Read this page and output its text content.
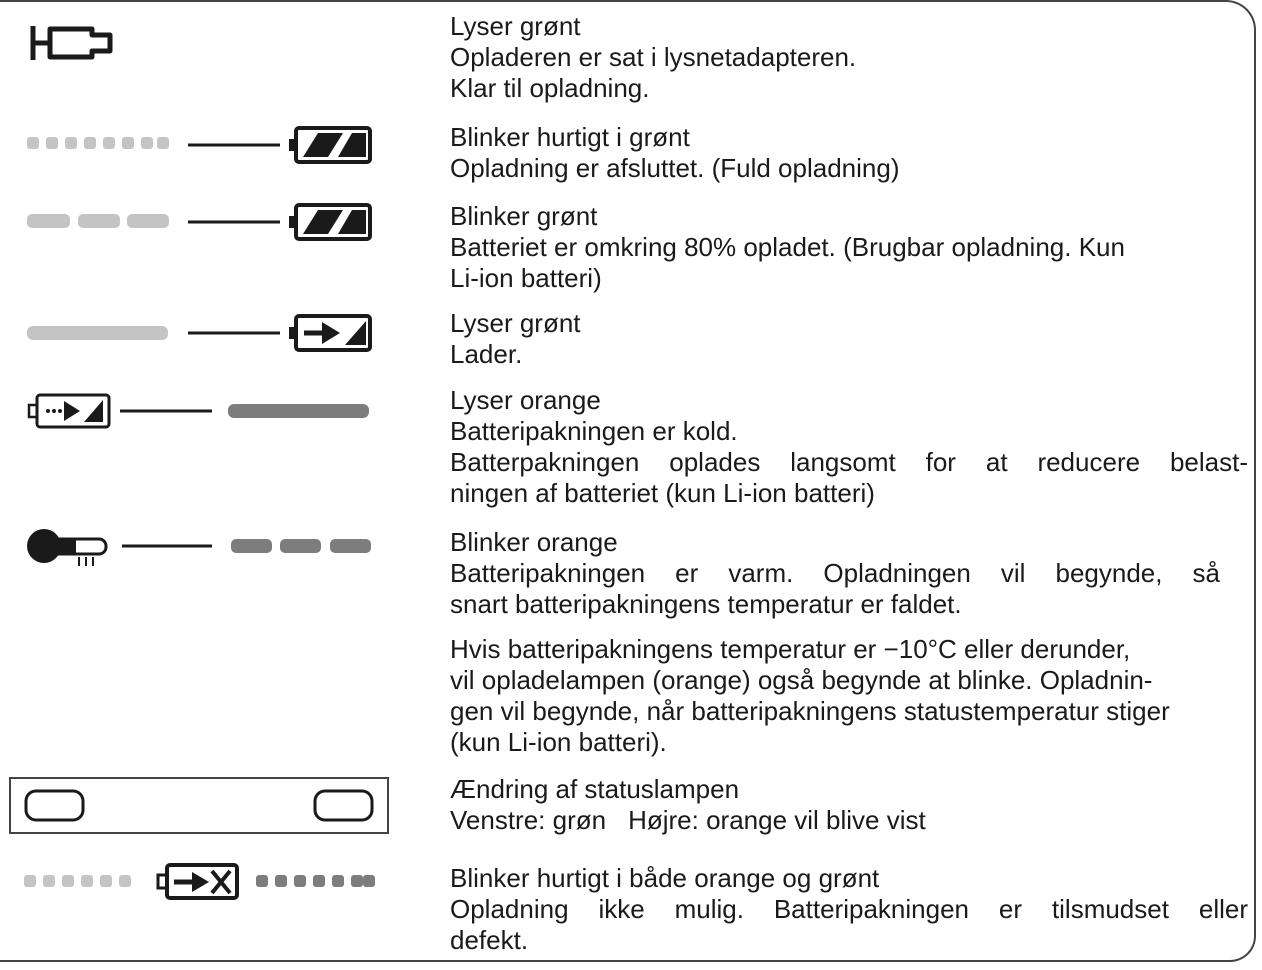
Lyser grønt
Opladeren er sat i lysnetadapteren.
Klar til opladning.
Blinker hurtigt i grønt
Opladning er afsluttet. (Fuld opladning)
Blinker grønt
Batteriet er omkring 80% opladet. (Brugbar opladning. Kun
Li-ion batteri)
Lyser grønt
Lader.
Lyser orange
Batteripakningen er kold.
Batterpakningen oplades langsomt for at reducere belast-
ningen af batteriet (kun Li-ion batteri)
Blinker orange
Batteripakningen er varm. Opladningen vil begynde, så
snart batteripakningens temperatur er faldet.
Hvis batteripakningens temperatur er −10°C eller derunder,
vil opladelampen (orange) også begynde at blinke. Opladnin-
gen vil begynde, når batteripakningens statustemperatur stiger
(kun Li-ion batteri).
Ændring af statuslampen
Venstre: grøn Højre: orange vil blive vist
Blinker hurtigt i både orange og grønt
Opladning ikke mulig. Batteripakningen er tilsmudset eller
defekt.
